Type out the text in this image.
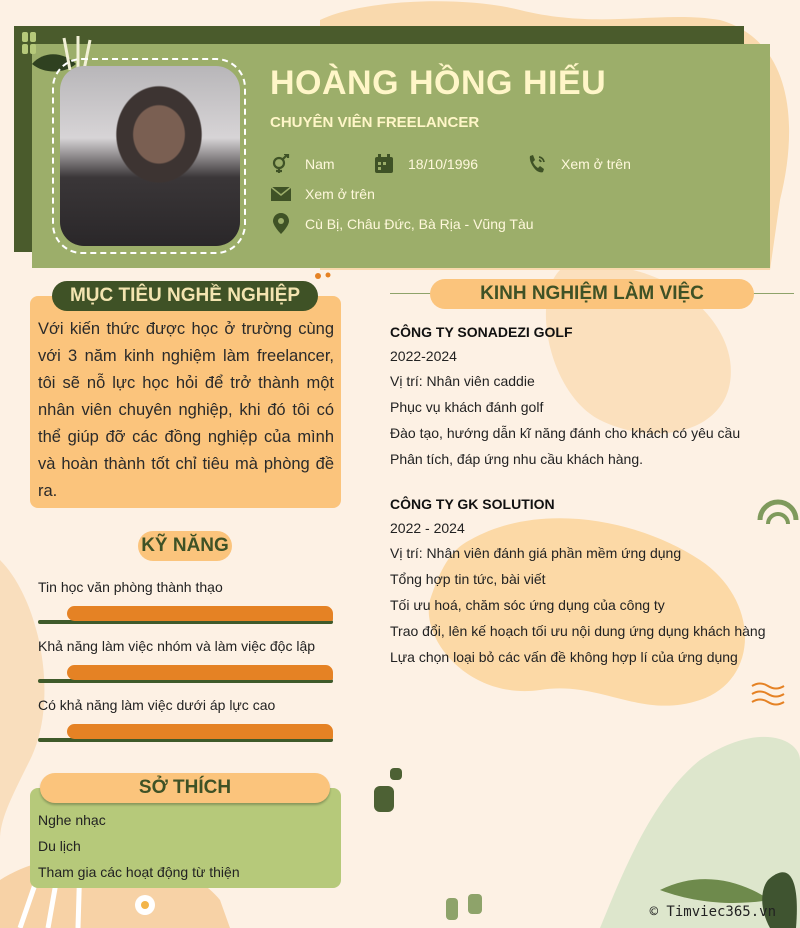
HOÀNG HỒNG HIẾU
CHUYÊN VIÊN FREELANCER
Nam	18/10/1996	Xem ở trên
Xem ở trên
Cù Bị, Châu Đức, Bà Rịa - Vũng Tàu
MỤC TIÊU NGHỀ NGHIỆP
Với kiến thức được học ở trường cùng với 3 năm kinh nghiệm làm freelancer, tôi sẽ nỗ lực học hỏi để trở thành một nhân viên chuyên nghiệp, khi đó tôi có thể giúp đỡ các đồng nghiệp của mình và hoàn thành tốt chỉ tiêu mà phòng đề ra.
KỸ NĂNG
Tin học văn phòng thành thạo
Khả năng làm việc nhóm và làm việc độc lập
Có khả năng làm việc dưới áp lực cao
SỞ THÍCH
Nghe nhạc
Du lịch
Tham gia các hoạt động từ thiện
KINH NGHIỆM LÀM VIỆC
CÔNG TY SONADEZI GOLF
2022-2024
Vị trí: Nhân viên caddie
Phục vụ khách đánh golf
Đào tạo, hướng dẫn kĩ năng đánh cho khách có yêu cầu
Phân tích, đáp ứng nhu cầu khách hàng.
CÔNG TY GK SOLUTION
2022 - 2024
Vị trí: Nhân viên đánh giá phần mềm ứng dụng
Tổng hợp tin tức, bài viết
Tối ưu hoá, chăm sóc ứng dụng của công ty
Trao đổi, lên kế hoạch tối ưu nội dung ứng dụng khách hàng
Lựa chọn loại bỏ các vấn đề không hợp lí của ứng dụng
© Timviec365.vn
